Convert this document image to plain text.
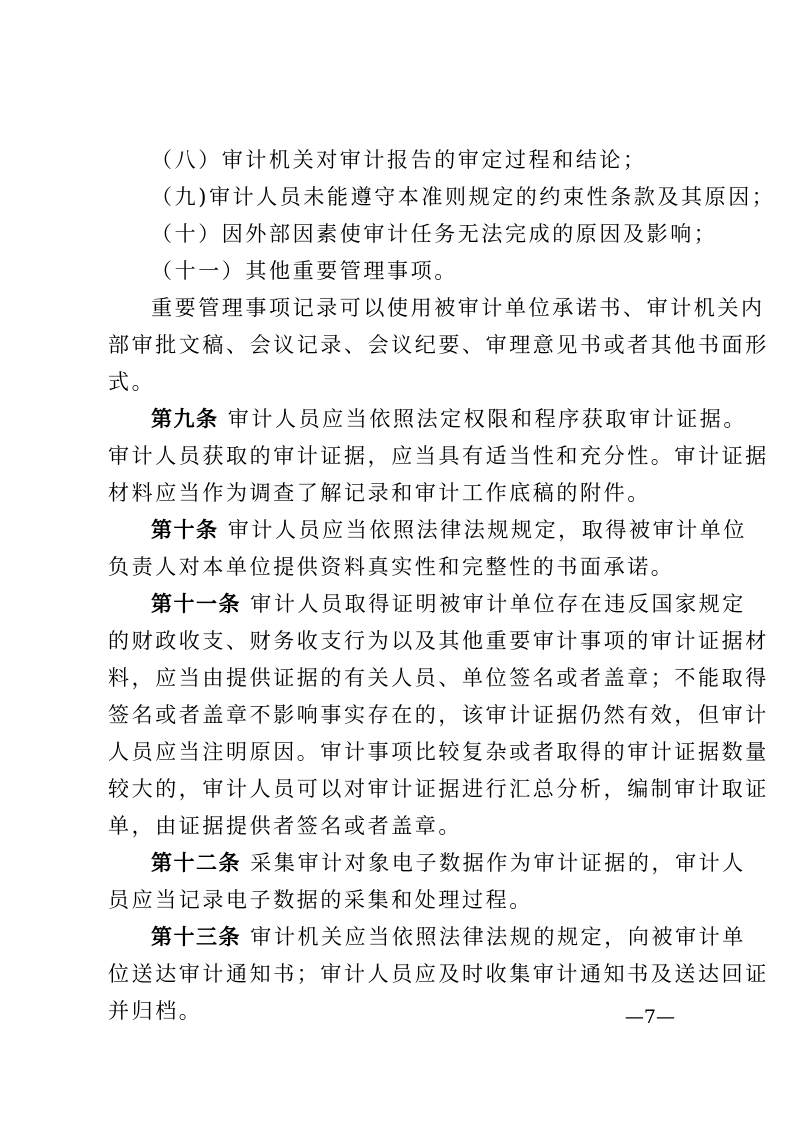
（八）审计机关对审计报告的审定过程和结论；
（九)审计人员未能遵守本准则规定的约束性条款及其原因；
（十）因外部因素使审计任务无法完成的原因及影响；
（十一）其他重要管理事项。
重要管理事项记录可以使用被审计单位承诺书、审计机关内
部审批文稿、会议记录、会议纪要、审理意见书或者其他书面形
式。
第九条 审计人员应当依照法定权限和程序获取审计证据。
审计人员获取的审计证据，应当具有适当性和充分性。审计证据
材料应当作为调查了解记录和审计工作底稿的附件。
第十条 审计人员应当依照法律法规规定，取得被审计单位
负责人对本单位提供资料真实性和完整性的书面承诺。
第十一条 审计人员取得证明被审计单位存在违反国家规定
的财政收支、财务收支行为以及其他重要审计事项的审计证据材
料，应当由提供证据的有关人员、单位签名或者盖章；不能取得
签名或者盖章不影响事实存在的，该审计证据仍然有效，但审计
人员应当注明原因。审计事项比较复杂或者取得的审计证据数量
较大的，审计人员可以对审计证据进行汇总分析，编制审计取证
单，由证据提供者签名或者盖章。
第十二条 采集审计对象电子数据作为审计证据的，审计人
员应当记录电子数据的采集和处理过程。
第十三条 审计机关应当依照法律法规的规定，向被审计单
位送达审计通知书；审计人员应及时收集审计通知书及送达回证
并归档。	—7—
